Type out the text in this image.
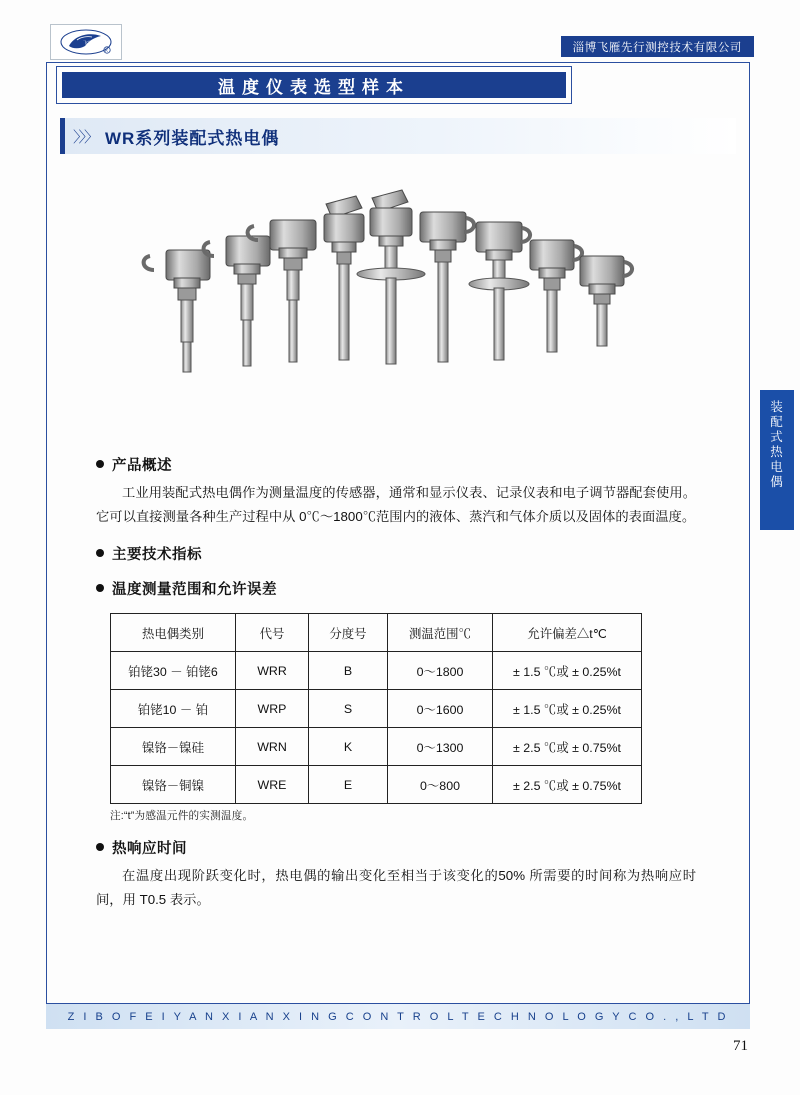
飞雁
R	淄博飞雁先行测控技术有限公司
温度仪表选型样本
〉〉〉 WR系列装配式热电偶
装
配
式
热
电
偶
产品概述
工业用装配式热电偶作为测量温度的传感器，通常和显示仪表、记录仪表和电子调节器配套使用。它可以直接测量各种生产过程中从 0℃～1800℃范围内的液体、蒸汽和气体介质以及固体的表面温度。
主要技术指标
温度测量范围和允许误差
热电偶类别	代号	分度号	测温范围℃	允许偏差△t℃
铂铑30 － 铂铑6	WRR	B	0～1800	± 1.5 ℃或 ± 0.25%t
铂铑10 － 铂	WRP	S	0～1600	± 1.5 ℃或 ± 0.25%t
镍铬－镍硅	WRN	K	0～1300	± 2.5 ℃或 ± 0.75%t
镍铬－铜镍	WRE	E	0～800	± 2.5 ℃或 ± 0.75%t
注:“t”为感温元件的实测温度。
热响应时间
在温度出现阶跃变化时，热电偶的输出变化至相当于该变化的50% 所需要的时间称为热响应时间，用 T0.5 表示。
Z I B O F E I Y A N X I A N X I N G C O N T R O L T E C H N O L O G Y C O . , L T D
71
